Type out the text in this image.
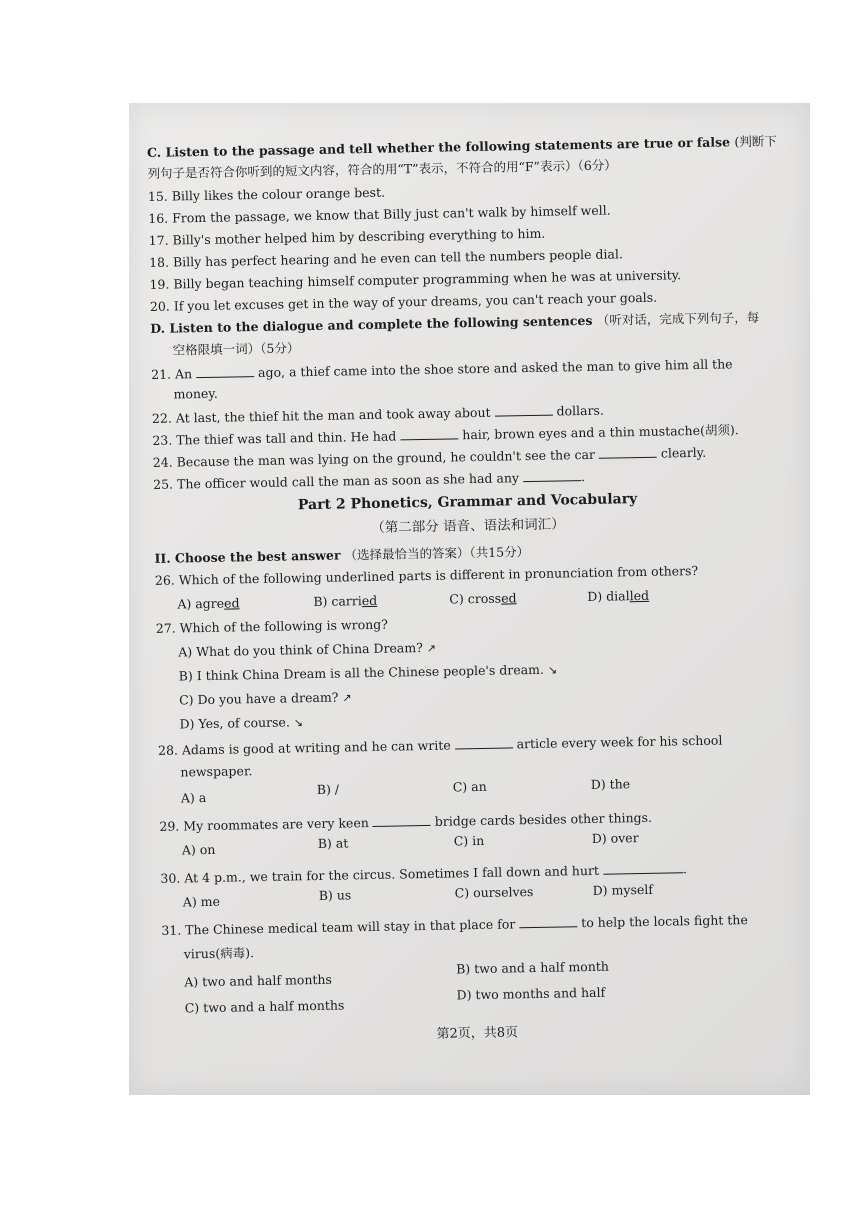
C. Listen to the passage and tell whether the following statements are true or false (判断下
列句子是否符合你听到的短文内容，符合的用“T”表示，不符合的用“F”表示）（6分）
15. Billy likes the colour orange best.
16. From the passage, we know that Billy just can't walk by himself well.
17. Billy's mother helped him by describing everything to him.
18. Billy has perfect hearing and he even can tell the numbers people dial.
19. Billy began teaching himself computer programming when he was at university.
20. If you let excuses get in the way of your dreams, you can't reach your goals.
D. Listen to the dialogue and complete the following sentences （听对话，完成下列句子，每
空格限填一词）（5分）
21. An	ago, a thief came into the shoe store and asked the man to give him all the
money.
22. At last, the thief hit the man and took away about	dollars.
23. The thief was tall and thin. He had	hair, brown eyes and a thin mustache(胡须).
24. Because the man was lying on the ground, he couldn't see the car	clearly.
25. The officer would call the man as soon as she had any	.
Part 2 Phonetics, Grammar and Vocabulary
（第二部分 语音、语法和词汇）
II. Choose the best answer （选择最恰当的答案）（共15分）
26. Which of the following underlined parts is different in pronunciation from others?
A) agreed	B) carried	C) crossed	D) dialled
27. Which of the following is wrong?
A) What do you think of China Dream? ↗
B) I think China Dream is all the Chinese people's dream. ↘
C) Do you have a dream? ↗
D) Yes, of course. ↘
28. Adams is good at writing and he can write	article every week for his school
newspaper.
A) a
B) /	C) an	D) the
29. My roommates are very keen	bridge cards besides other things.
A) on	B) at	C) in	D) over
30. At 4 p.m., we train for the circus. Sometimes I fall down and hurt	.
A) me	B) us	C) ourselves	D) myself
31. The Chinese medical team will stay in that place for	to help the locals fight the
virus(病毒).
A) two and half months
B) two and a half month
C) two and a half months
D) two months and half
第2页，共8页
